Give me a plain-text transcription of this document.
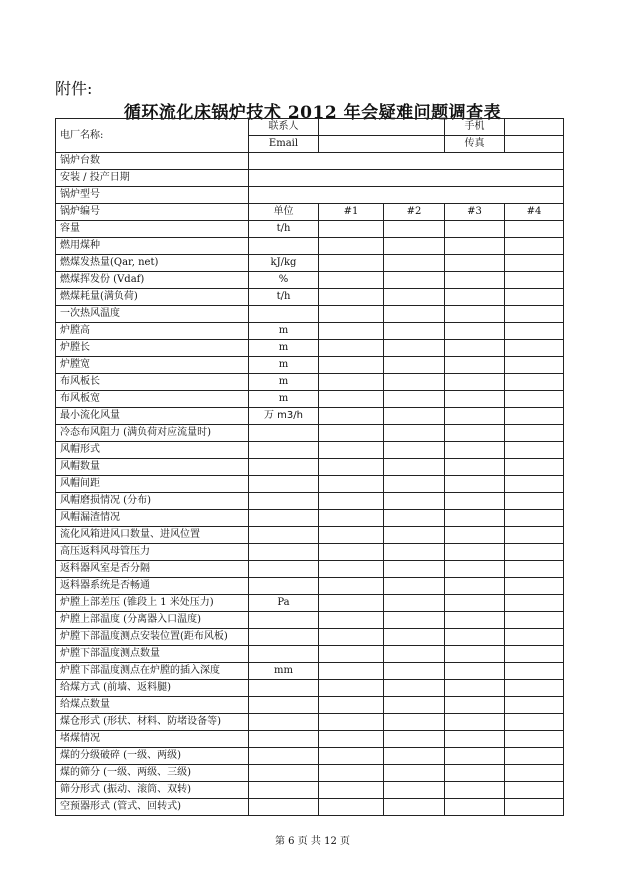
附件:
循环流化床锅炉技术 2012 年会疑难问题调查表
电厂名称:	联系人			手机	
	Email			传真	
锅炉台数					
安装 / 投产日期					
锅炉型号					
锅炉编号	单位	#1	#2	#3	#4
容量	t/h				
燃用煤种					
燃煤发热量(Qar, net)	kJ/kg				
燃煤挥发份 (Vdaf)	%				
燃煤耗量(满负荷)	t/h				
一次热风温度					
炉膛高	m				
炉膛长	m				
炉膛宽	m				
布风板长	m				
布风板宽	m				
最小流化风量	万 m3/h				
冷态布风阻力 (满负荷对应流量时)					
风帽形式					
风帽数量					
风帽间距					
风帽磨损情况 (分布)					
风帽漏渣情况					
流化风箱进风口数量、进风位置					
高压返料风母管压力					
返料器风室是否分隔					
返料器系统是否畅通					
炉膛上部差压 (锥段上 1 米处压力)	Pa				
炉膛上部温度 (分离器入口温度)					
炉膛下部温度测点安装位置(距布风板)					
炉膛下部温度测点数量					
炉膛下部温度测点在炉膛的插入深度	mm				
给煤方式 (前墙、返料腿)					
给煤点数量					
煤仓形式 (形状、材料、防堵设备等)					
堵煤情况					
煤的分级破碎 (一级、两级)					
煤的筛分 (一级、两级、三级)					
筛分形式 (振动、滚筒、双转)					
空预器形式 (管式、回转式)					
第 6 页 共 12 页
